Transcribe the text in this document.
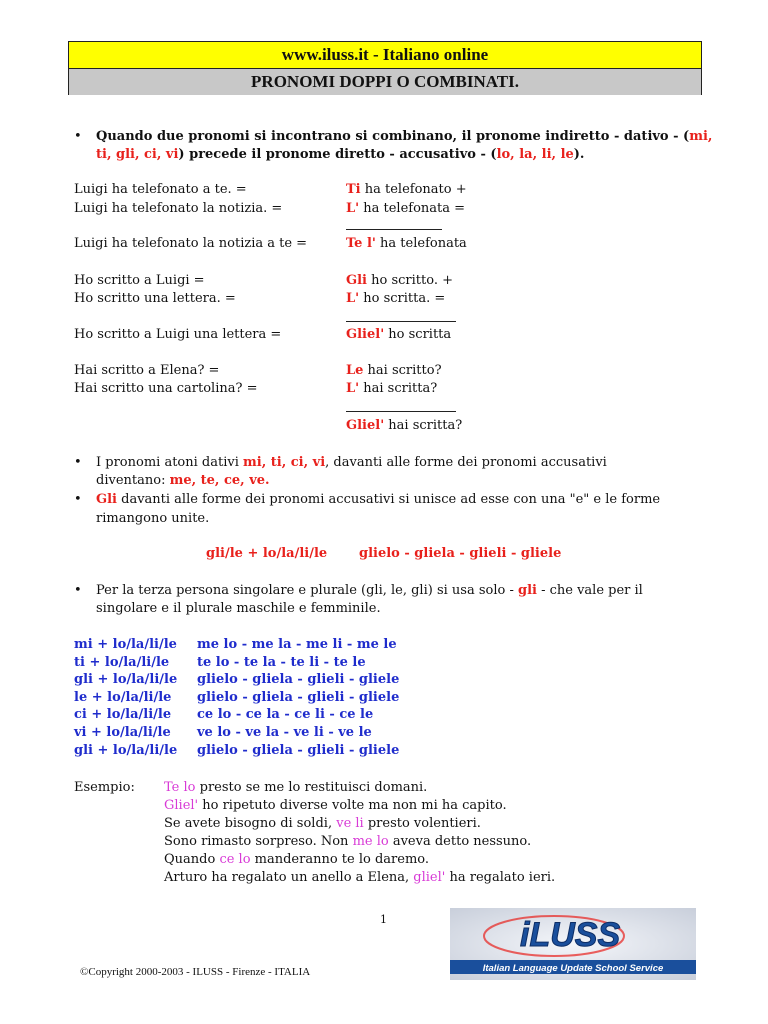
www.iluss.it - Italiano online
PRONOMI DOPPI O COMBINATI.
• Quando due pronomi si incontrano si combinano, il pronome indiretto - dativo - (mi,
ti, gli, ci, vi) precede il pronome diretto - accusativo - (lo, la, li, le).
Luigi ha telefonato a te. =
Luigi ha telefonato la notizia. =
Luigi ha telefonato la notizia a te =
Ti ha telefonato +
L' ha telefonata =
Te l' ha telefonata
Ho scritto a Luigi =
Ho scritto una lettera. =
Ho scritto a Luigi una lettera =
Gli ho scritto. +
L' ho scritta. =
Gliel' ho scritta
Hai scritto a Elena? =
Hai scritto una cartolina? =
Le hai scritto?
L' hai scritta?
Gliel' hai scritta?
• I pronomi atoni dativi mi, ti, ci, vi, davanti alle forme dei pronomi accusativi
diventano: me, te, ce, ve.
• Gli davanti alle forme dei pronomi accusativi si unisce ad esse con una "e" e le forme
rimangono unite.
gli/le + lo/la/li/le glielo - gliela - glieli - gliele
• Per la terza persona singolare e plurale (gli, le, gli) si usa solo - gli - che vale per il
singolare e il plurale maschile e femminile.
mi + lo/la/li/le me lo - me la - me li - me le
ti + lo/la/li/le te lo - te la - te li - te le
gli + lo/la/li/le glielo - gliela - glieli - gliele
le + lo/la/li/le glielo - gliela - glieli - gliele
ci + lo/la/li/le ce lo - ce la - ce li - ce le
vi + lo/la/li/le ve lo - ve la - ve li - ve le
gli + lo/la/li/le glielo - gliela - glieli - gliele
Esempio: Te lo presto se me lo restituisci domani.
Gliel' ho ripetuto diverse volte ma non mi ha capito.
Se avete bisogno di soldi, ve li presto volentieri.
Sono rimasto sorpreso. Non me lo aveva detto nessuno.
Quando ce lo manderanno te lo daremo.
Arturo ha regalato un anello a Elena, gliel' ha regalato ieri.
1	iLUSS
Italian Language Update School Service
©Copyright 2000-2003 - ILUSS - Firenze - ITALIA
